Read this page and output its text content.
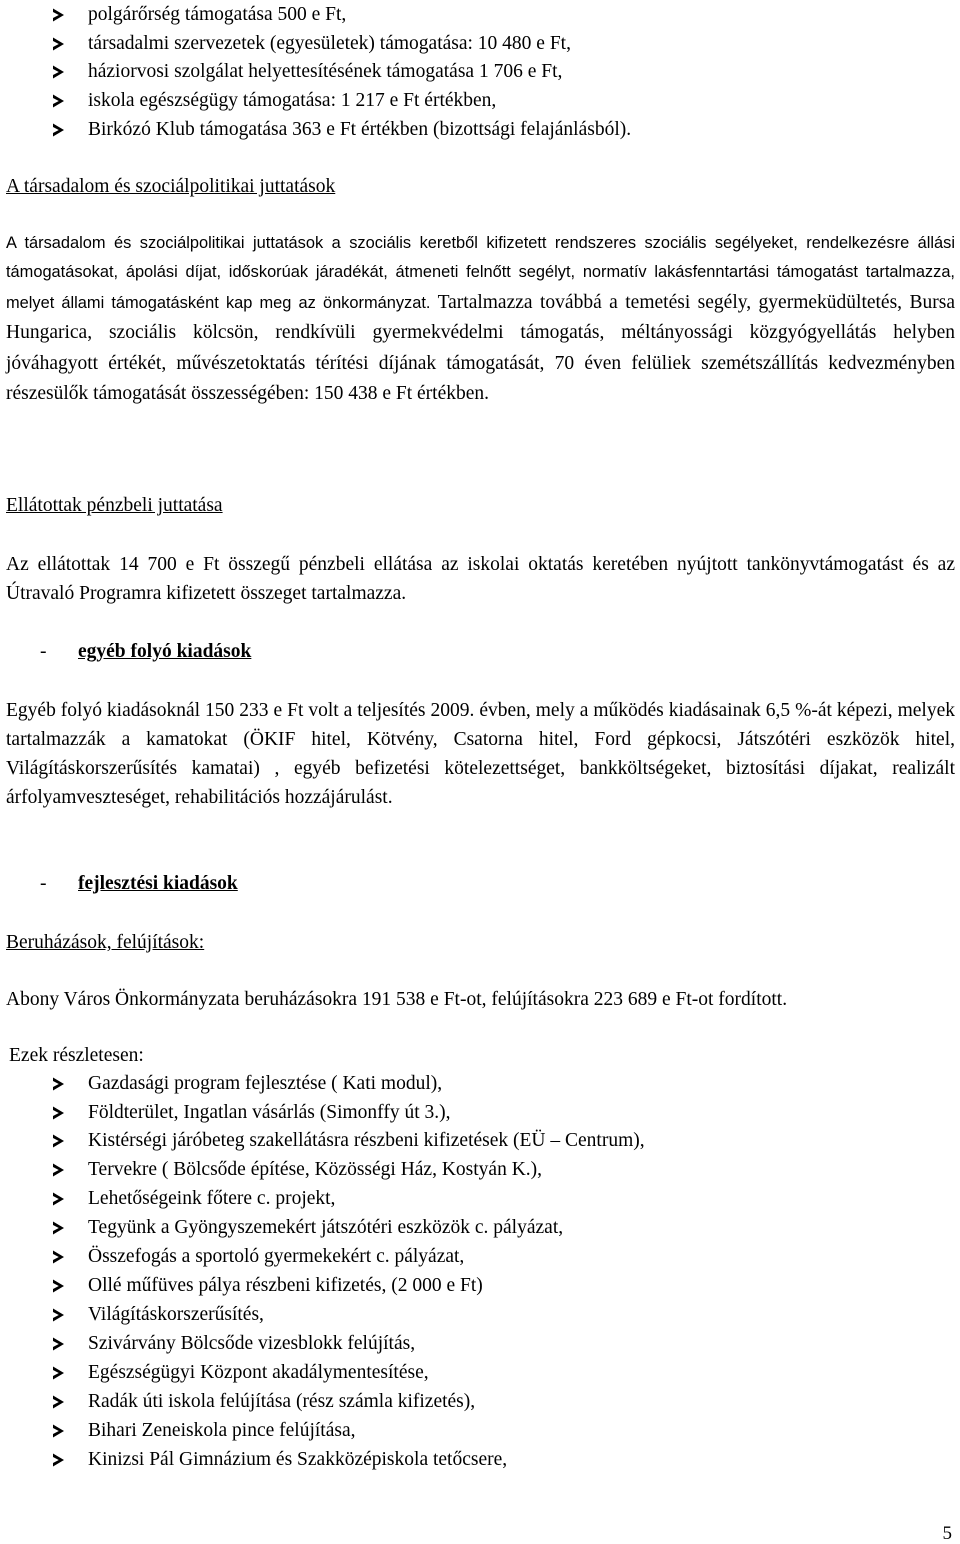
polgárőrség támogatása 500 e Ft,
társadalmi szervezetek (egyesületek) támogatása: 10 480 e Ft,
háziorvosi szolgálat helyettesítésének támogatása 1 706 e Ft,
iskola egészségügy támogatása: 1 217 e Ft értékben,
Birkózó Klub támogatása 363 e Ft értékben (bizottsági felajánlásból).
A társadalom és szociálpolitikai juttatások
A társadalom és szociálpolitikai juttatások a szociális keretből kifizetett rendszeres szociális segélyeket, rendelkezésre állási támogatásokat, ápolási díjat, időskorúak járadékát, átmeneti felnőtt segélyt, normatív lakásfenntartási támogatást tartalmazza, melyet állami támogatásként kap meg az önkormányzat. Tartalmazza továbbá a temetési segély, gyermeküdültetés, Bursa Hungarica, szociális kölcsön, rendkívüli gyermekvédelmi támogatás, méltányossági közgyógyellátás helyben jóváhagyott értékét, művészetoktatás térítési díjának támogatását, 70 éven felüliek szemétszállítás kedvezményben részesülők támogatását összességében: 150 438 e Ft értékben.
Ellátottak pénzbeli juttatása
Az ellátottak 14 700 e Ft összegű pénzbeli ellátása az iskolai oktatás keretében nyújtott tankönyvtámogatást és az Útravaló Programra kifizetett összeget tartalmazza.
- egyéb folyó kiadások
Egyéb folyó kiadásoknál 150 233 e Ft volt a teljesítés 2009. évben, mely a működés kiadásainak 6,5 %-át képezi, melyek tartalmazzák a kamatokat (ÖKIF hitel, Kötvény, Csatorna hitel, Ford gépkocsi, Játszótéri eszközök hitel, Világításkorszerűsítés kamatai) , egyéb befizetési kötelezettséget, bankköltségeket, biztosítási díjakat, realizált árfolyamveszteséget, rehabilitációs hozzájárulást.
- fejlesztési kiadások
Beruházások, felújítások:
Abony Város Önkormányzata beruházásokra 191 538 e Ft-ot, felújításokra 223 689 e Ft-ot fordított.
Ezek részletesen:
Gazdasági program fejlesztése ( Kati modul),
Földterület, Ingatlan vásárlás (Simonffy út 3.),
Kistérségi járóbeteg szakellátásra részbeni kifizetések (EÜ – Centrum),
Tervekre ( Bölcsőde építése, Közösségi Ház, Kostyán K.),
Lehetőségeink főtere c. projekt,
Tegyünk a Gyöngyszemekért játszótéri eszközök c. pályázat,
Összefogás a sportoló gyermekekért c. pályázat,
Ollé műfüves pálya részbeni kifizetés, (2 000 e Ft)
Világításkorszerűsítés,
Szivárvány Bölcsőde vizesblokk felújítás,
Egészségügyi Központ akadálymentesítése,
Radák úti iskola felújítása (rész számla kifizetés),
Bihari Zeneiskola pince felújítása,
Kinizsi Pál Gimnázium és Szakközépiskola tetőcsere,
5
